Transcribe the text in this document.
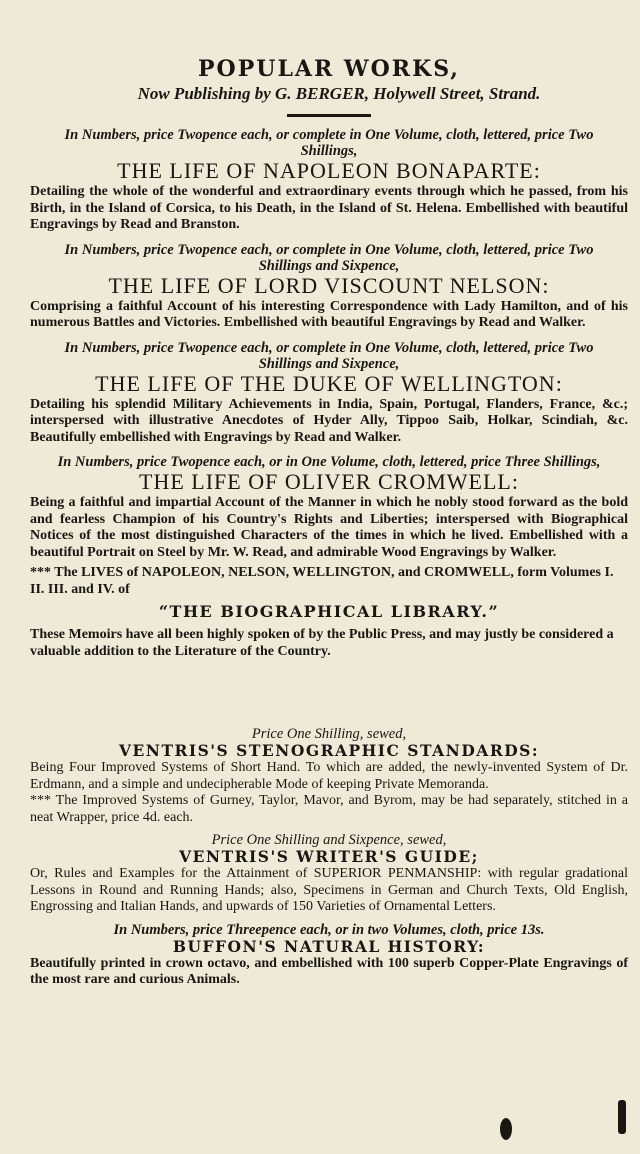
POPULAR WORKS,
Now Publishing by G. BERGER, Holywell Street, Strand.
In Numbers, price Twopence each, or complete in One Volume, cloth, lettered, price Two Shillings,
THE LIFE OF NAPOLEON BONAPARTE:
Detailing the whole of the wonderful and extraordinary events through which he passed, from his Birth, in the Island of Corsica, to his Death, in the Island of St. Helena. Embellished with beautiful Engravings by Read and Branston.
In Numbers, price Twopence each, or complete in One Volume, cloth, lettered, price Two Shillings and Sixpence,
THE LIFE OF LORD VISCOUNT NELSON:
Comprising a faithful Account of his interesting Correspondence with Lady Hamilton, and of his numerous Battles and Victories. Embellished with beautiful Engravings by Read and Walker.
In Numbers, price Twopence each, or complete in One Volume, cloth, lettered, price Two Shillings and Sixpence,
THE LIFE OF THE DUKE OF WELLINGTON:
Detailing his splendid Military Achievements in India, Spain, Portugal, Flanders, France, &c.; interspersed with illustrative Anecdotes of Hyder Ally, Tippoo Saib, Holkar, Scindiah, &c. Beautifully embellished with Engravings by Read and Walker.
In Numbers, price Twopence each, or in One Volume, cloth, lettered, price Three Shillings,
THE LIFE OF OLIVER CROMWELL:
Being a faithful and impartial Account of the Manner in which he nobly stood forward as the bold and fearless Champion of his Country's Rights and Liberties; interspersed with Biographical Notices of the most distinguished Characters of the times in which he lived. Embellished with a beautiful Portrait on Steel by Mr. W. Read, and admirable Wood Engravings by Walker.
*** The LIVES of NAPOLEON, NELSON, WELLINGTON, and CROMWELL, form Volumes I. II. III. and IV. of
“THE BIOGRAPHICAL LIBRARY.”
These Memoirs have all been highly spoken of by the Public Press, and may justly be considered a valuable addition to the Literature of the Country.
Price One Shilling, sewed,
VENTRIS'S STENOGRAPHIC STANDARDS:
Being Four Improved Systems of Short Hand. To which are added, the newly-invented System of Dr. Erdmann, and a simple and undecipherable Mode of keeping Private Memoranda.
*** The Improved Systems of Gurney, Taylor, Mavor, and Byrom, may be had separately, stitched in a neat Wrapper, price 4d. each.
Price One Shilling and Sixpence, sewed,
VENTRIS'S WRITER'S GUIDE;
Or, Rules and Examples for the Attainment of SUPERIOR PENMANSHIP: with regular gradational Lessons in Round and Running Hands; also, Specimens in German and Church Texts, Old English, Engrossing and Italian Hands, and upwards of 150 Varieties of Ornamental Letters.
In Numbers, price Threepence each, or in two Volumes, cloth, price 13s.
BUFFON'S NATURAL HISTORY:
Beautifully printed in crown octavo, and embellished with 100 superb Copper-Plate Engravings of the most rare and curious Animals.
